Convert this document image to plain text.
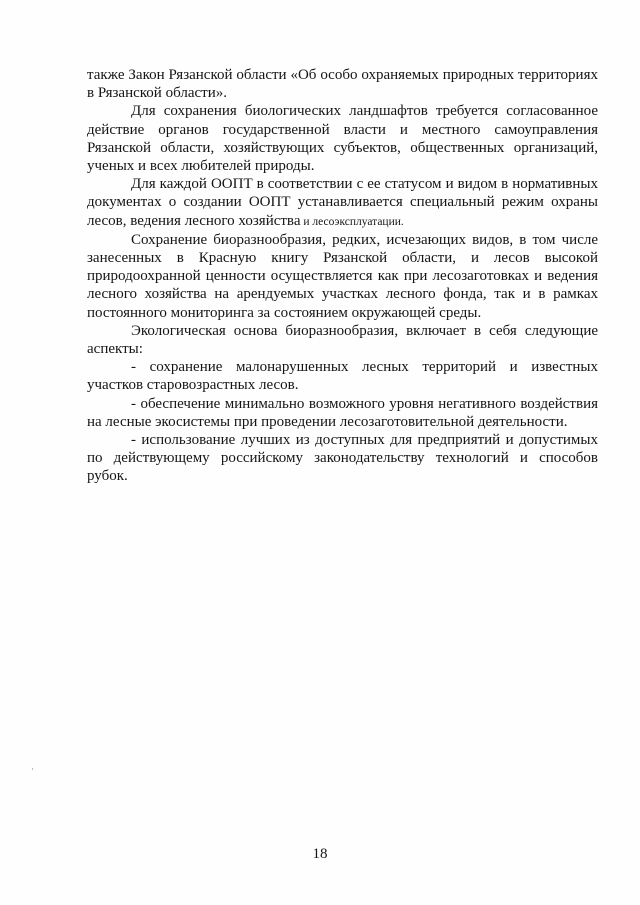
также Закон Рязанской области «Об особо охраняемых природных территориях в Рязанской области».

Для сохранения биологических ландшафтов требуется согласованное действие органов государственной власти и местного самоуправления Рязанской области, хозяйствующих субъектов, общественных организаций, ученых и всех любителей природы.

Для каждой ООПТ в соответствии с ее статусом и видом в нормативных документах о создании ООПТ устанавливается специальный режим охраны лесов, ведения лесного хозяйства и лесоэксплуатации.

Сохранение биоразнообразия, редких, исчезающих видов, в том числе занесенных в Красную книгу Рязанской области, и лесов высокой природоохранной ценности осуществляется как при лесозаготовках и ведения лесного хозяйства на арендуемых участках лесного фонда, так и в рамках постоянного мониторинга за состоянием окружающей среды.

Экологическая основа биоразнообразия, включает в себя следующие аспекты:

- сохранение малонарушенных лесных территорий и известных участков старовозрастных лесов.

- обеспечение минимально возможного уровня негативного воздействия на лесные экосистемы при проведении лесозаготовительной деятельности.

- использование лучших из доступных для предприятий и допустимых по действующему российскому законодательству технологий и способов рубок.

18
